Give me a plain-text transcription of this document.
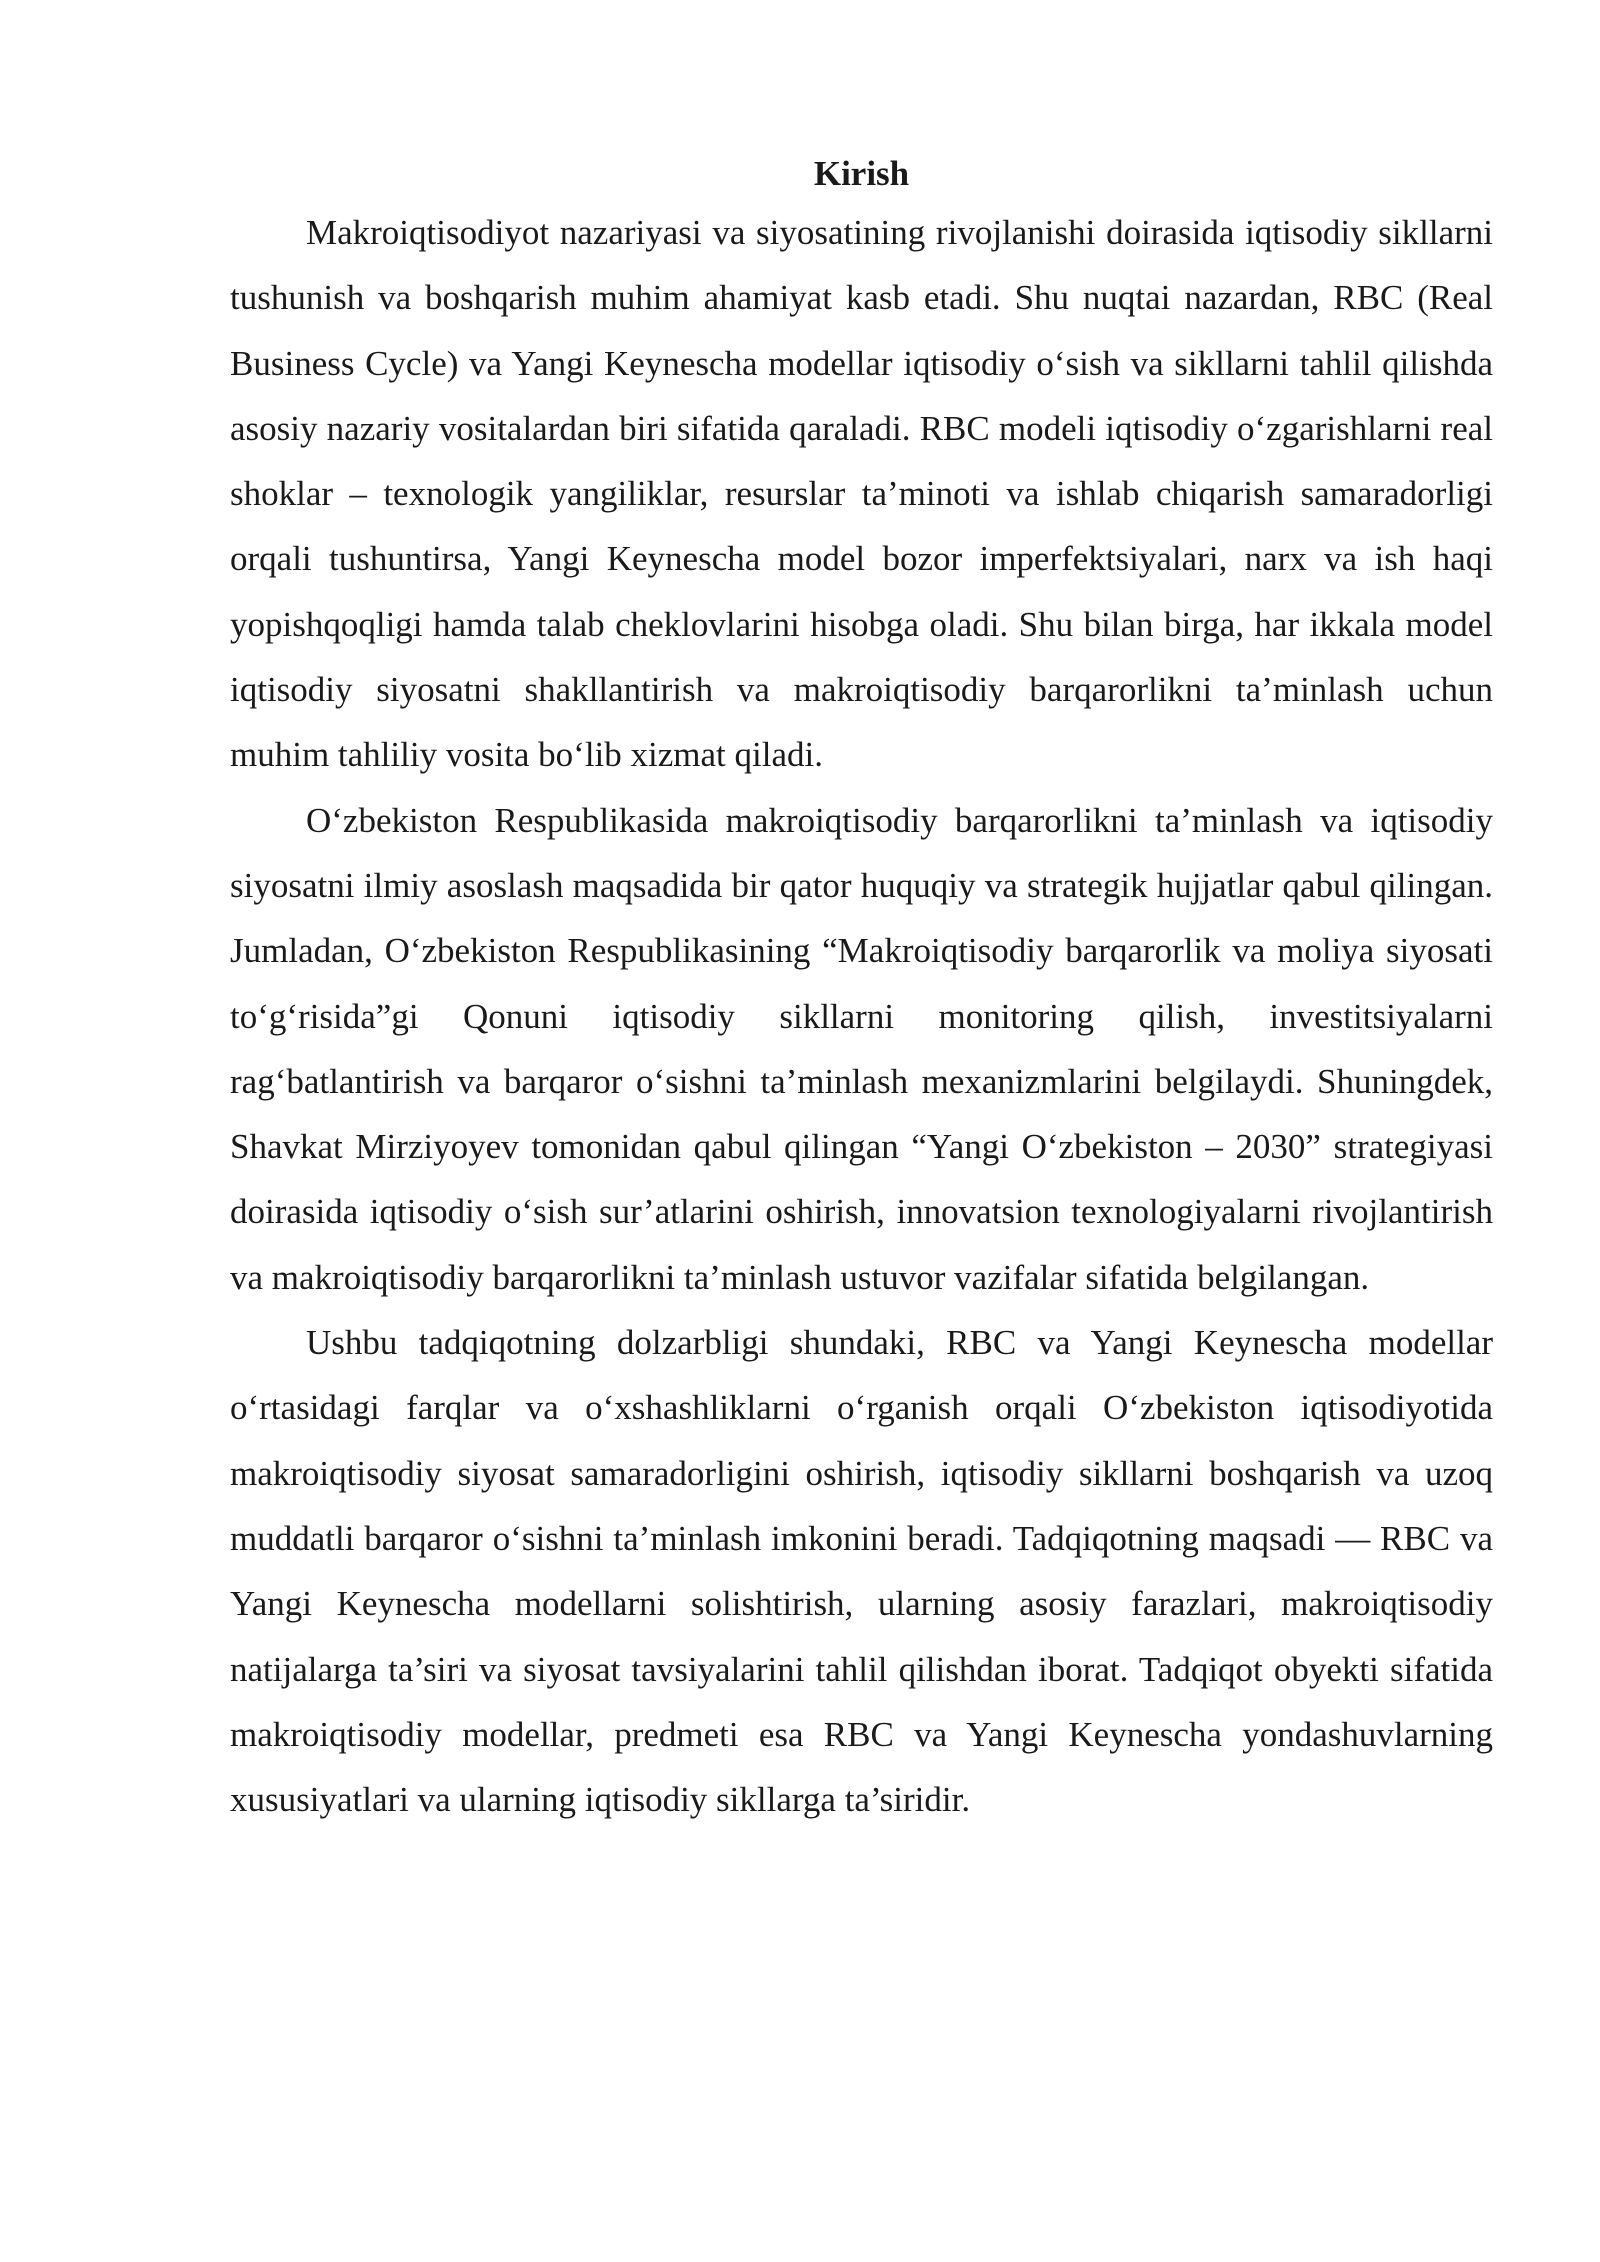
Kirish

Makroiqtisodiyot nazariyasi va siyosatining rivojlanishi doirasida iqtisodiy sikllarni tushunish va boshqarish muhim ahamiyat kasb etadi. Shu nuqtai nazardan, RBC (Real Business Cycle) va Yangi Keynescha modellar iqtisodiy o‘sish va sikllarni tahlil qilishda asosiy nazariy vositalardan biri sifatida qaraladi. RBC modeli iqtisodiy o‘zgarishlarni real shoklar – texnologik yangiliklar, resurslar ta’minoti va ishlab chiqarish samaradorligi orqali tushuntirsa, Yangi Keynescha model bozor imperfektsiyalari, narx va ish haqi yopishqoqligi hamda talab cheklovlarini hisobga oladi. Shu bilan birga, har ikkala model iqtisodiy siyosatni shakllantirish va makroiqtisodiy barqarorlikni ta’minlash uchun muhim tahliliy vosita bo‘lib xizmat qiladi.

O‘zbekiston Respublikasida makroiqtisodiy barqarorlikni ta’minlash va iqtisodiy siyosatni ilmiy asoslash maqsadida bir qator huquqiy va strategik hujjatlar qabul qilingan. Jumladan, O‘zbekiston Respublikasining “Makroiqtisodiy barqarorlik va moliya siyosati to‘g‘risida”gi Qonuni iqtisodiy sikllarni monitoring qilish, investitsiyalarni rag‘batlantirish va barqaror o‘sishni ta’minlash mexanizmlarini belgilaydi. Shuningdek, Shavkat Mirziyoyev tomonidan qabul qilingan “Yangi O‘zbekiston – 2030” strategiyasi doirasida iqtisodiy o‘sish sur’atlarini oshirish, innovatsion texnologiyalarni rivojlantirish va makroiqtisodiy barqarorlikni ta’minlash ustuvor vazifalar sifatida belgilangan.

Ushbu tadqiqotning dolzarbligi shundaki, RBC va Yangi Keynescha modellar o‘rtasidagi farqlar va o‘xshashliklarni o‘rganish orqali O‘zbekiston iqtisodiyotida makroiqtisodiy siyosat samaradorligini oshirish, iqtisodiy sikllarni boshqarish va uzoq muddatli barqaror o‘sishni ta’minlash imkonini beradi. Tadqiqotning maqsadi — RBC va Yangi Keynescha modellarni solishtirish, ularning asosiy farazlari, makroiqtisodiy natijalarga ta’siri va siyosat tavsiyalarini tahlil qilishdan iborat. Tadqiqot obyekti sifatida makroiqtisodiy modellar, predmeti esa RBC va Yangi Keynescha yondashuvlarning xususiyatlari va ularning iqtisodiy sikllarga ta’siridir.
